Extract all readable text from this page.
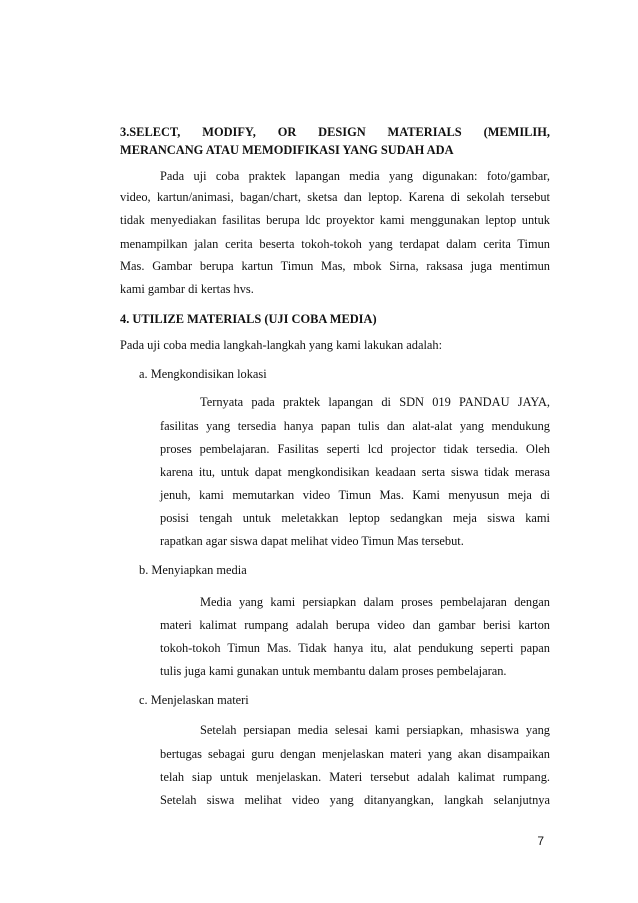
3.SELECT, MODIFY, OR DESIGN MATERIALS (MEMILIH,
MERANCANG ATAU MEMODIFIKASI YANG SUDAH ADA
Pada uji coba praktek lapangan media yang digunakan: foto/gambar,
video, kartun/animasi, bagan/chart, sketsa dan leptop. Karena di sekolah tersebut
tidak menyediakan fasilitas berupa ldc proyektor kami menggunakan leptop untuk
menampilkan jalan cerita beserta tokoh-tokoh yang terdapat dalam cerita Timun
Mas. Gambar berupa kartun Timun Mas, mbok Sirna, raksasa juga mentimun
kami gambar di kertas hvs.
4. UTILIZE MATERIALS (UJI COBA MEDIA)
Pada uji coba media langkah-langkah yang kami lakukan adalah:
a. Mengkondisikan lokasi
Ternyata pada praktek lapangan di SDN 019 PANDAU JAYA,
fasilitas yang tersedia hanya papan tulis dan alat-alat yang mendukung
proses pembelajaran. Fasilitas seperti lcd projector tidak tersedia. Oleh
karena itu, untuk dapat mengkondisikan keadaan serta siswa tidak merasa
jenuh, kami memutarkan video Timun Mas. Kami menyusun meja di
posisi tengah untuk meletakkan leptop sedangkan meja siswa kami
rapatkan agar siswa dapat melihat video Timun Mas tersebut.
b. Menyiapkan media
Media yang kami persiapkan dalam proses pembelajaran dengan
materi kalimat rumpang adalah berupa video dan gambar berisi karton
tokoh-tokoh Timun Mas. Tidak hanya itu, alat pendukung seperti papan
tulis juga kami gunakan untuk membantu dalam proses pembelajaran.
c. Menjelaskan materi
Setelah persiapan media selesai kami persiapkan, mhasiswa yang
bertugas sebagai guru dengan menjelaskan materi yang akan disampaikan
telah siap untuk menjelaskan. Materi tersebut adalah kalimat rumpang.
Setelah siswa melihat video yang ditanyangkan, langkah selanjutnya
7
